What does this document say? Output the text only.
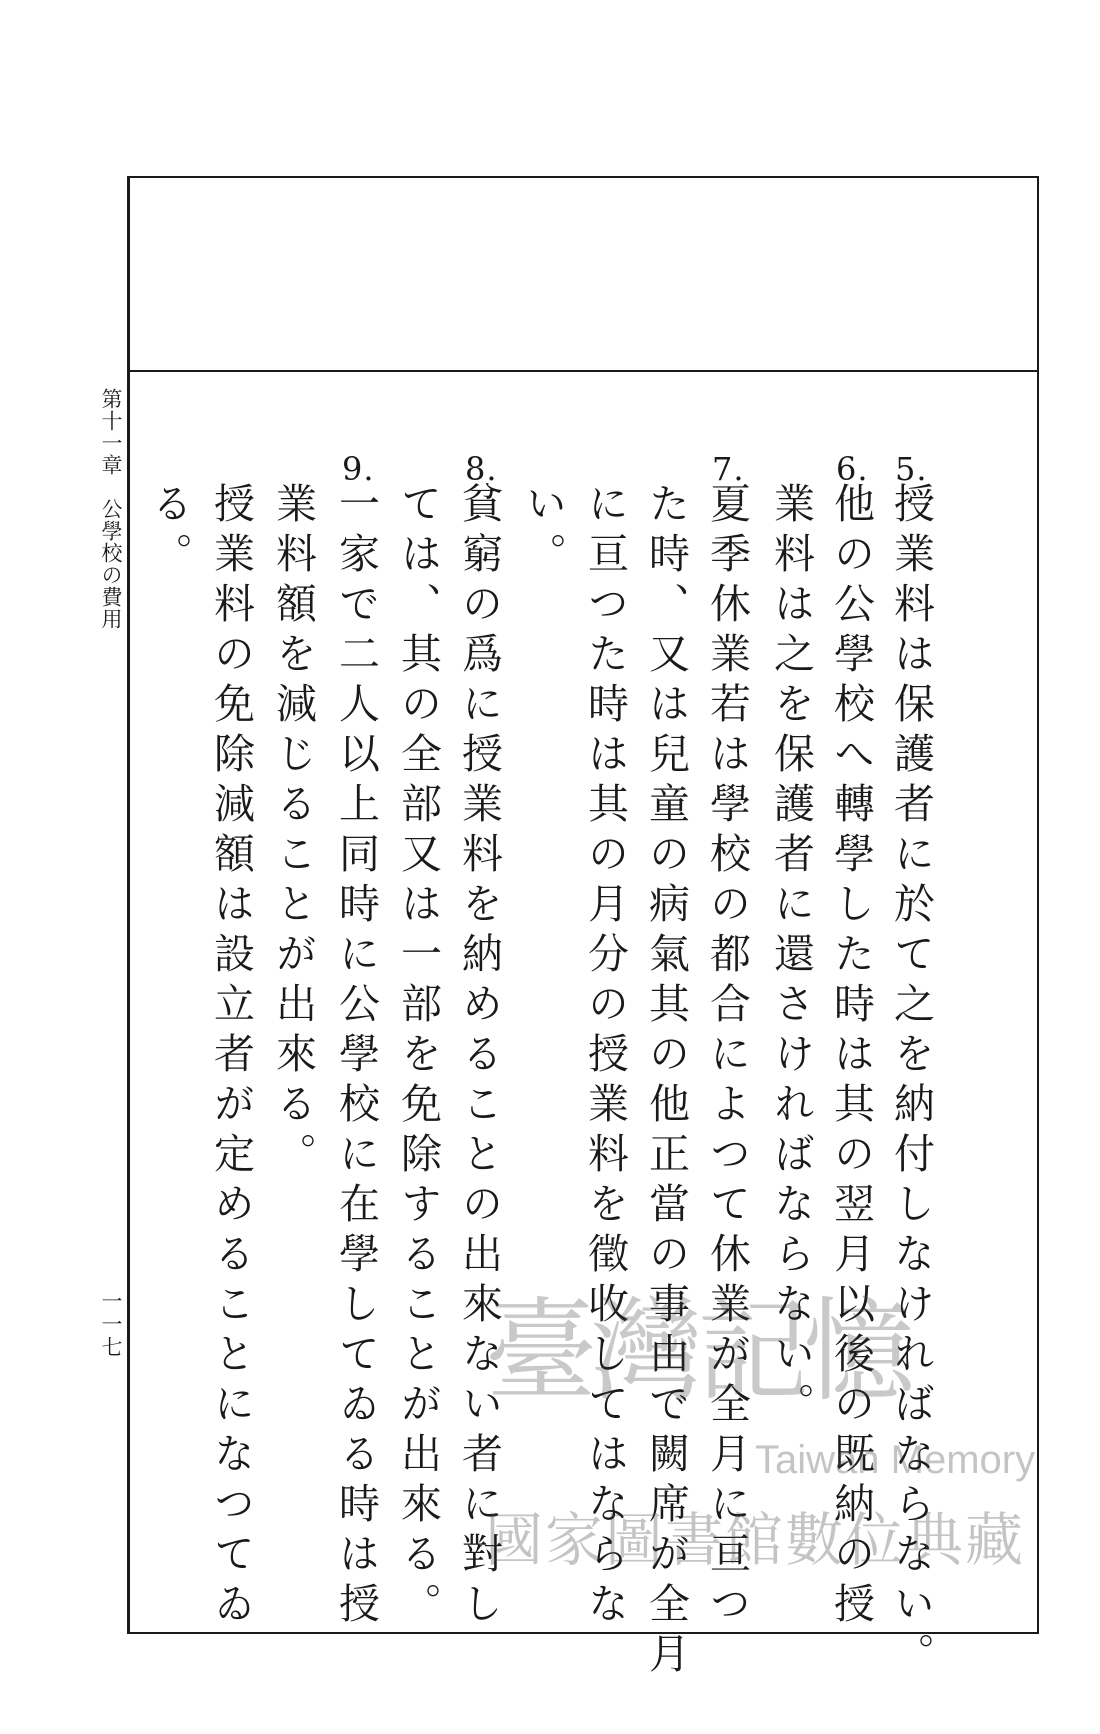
第十一章　公學校の費用
一一七
5.
授業料は保護者に於て之を納付しなければならない。
6.
他の公學校へ轉學した時は其の翌月以後の既納の授
業料は之を保護者に還さければならない。
7.
夏季休業若は學校の都合によつて休業が全月に亘つ
た時、又は兒童の病氣其の他正當の事由で闕席が全月
に亘つた時は其の月分の授業料を徵收してはならな
い。
8.
貧窮の爲に授業料を納めることの出來ない者に對し
ては、其の全部又は一部を免除することが出來る。
9.
一家で二人以上同時に公學校に在學してゐる時は授
業料額を減じることが出來る。
授業料の免除減額は設立者が定めることになつてゐ
る。
臺灣記憶
Taiwan Memory
國家圖書館數位典藏
